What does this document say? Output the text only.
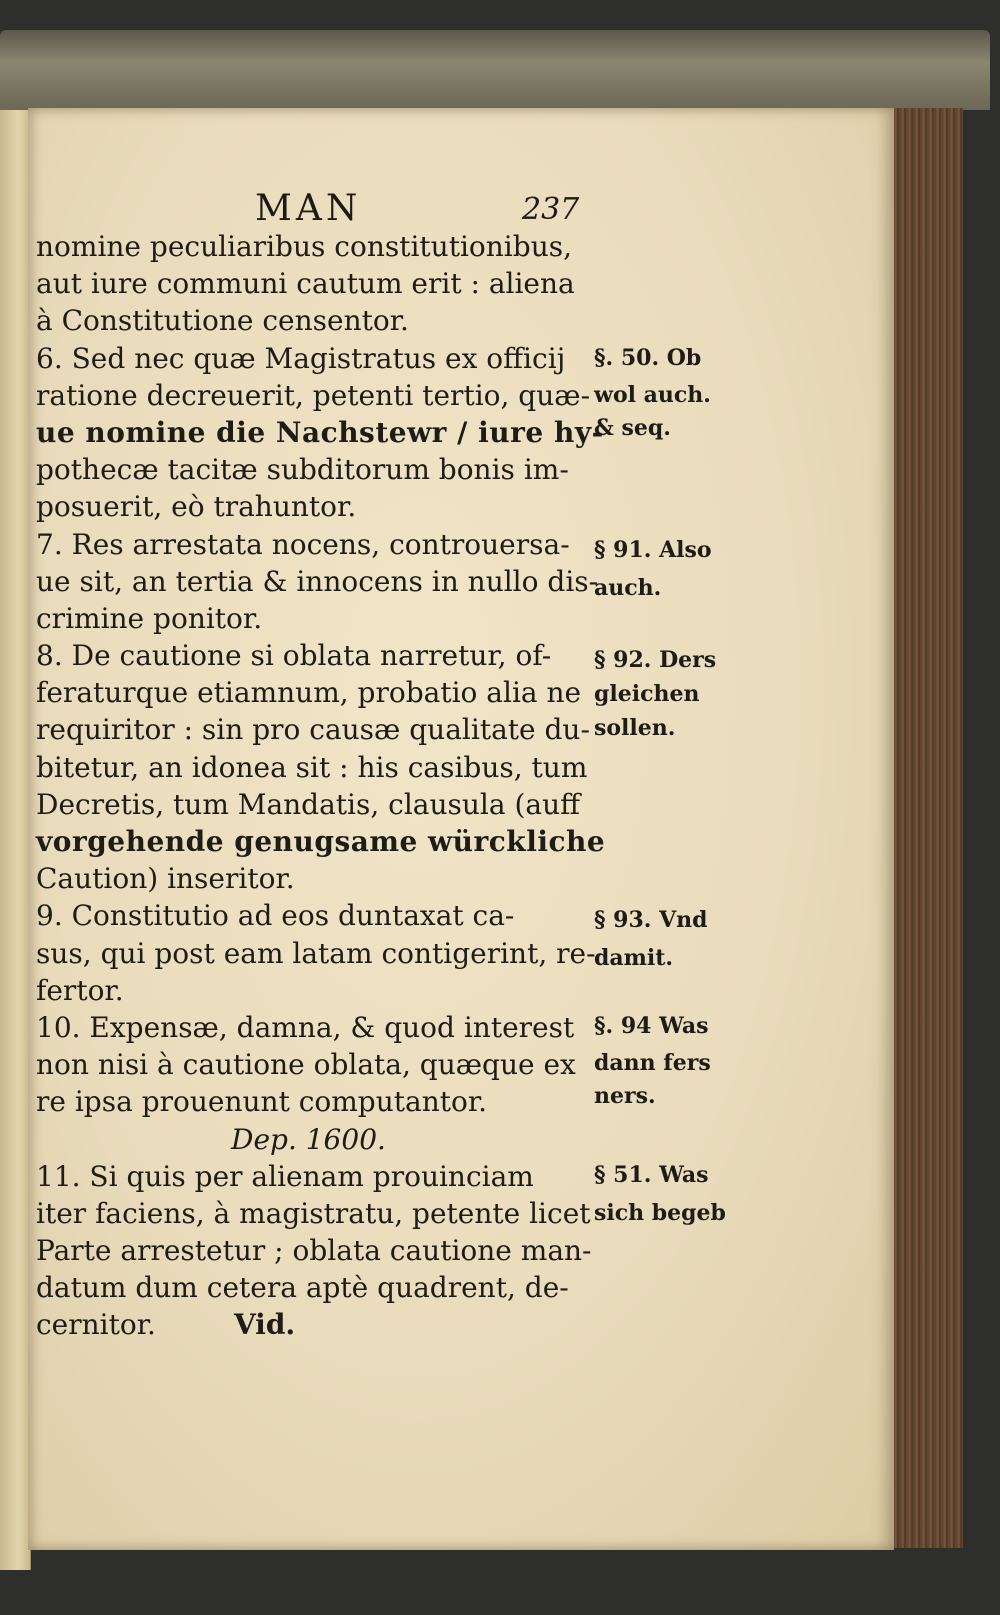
MAN	237
nomine peculiaribus constitutionibus,
aut iure communi cautum erit : aliena
à Constitutione censentor.
6. Sed nec quæ Magistratus ex officij
ratione decreuerit, petenti tertio, quæ-
ue nomine die Nachstewr / iure hy-
pothecæ tacitæ subditorum bonis im-
posuerit, eò trahuntor.
7. Res arrestata nocens, controuersa-
ue sit, an tertia & innocens in nullo dis-
crimine ponitor.
8. De cautione si oblata narretur, of-
feraturque etiamnum, probatio alia ne
requiritor : sin pro causæ qualitate du-
bitetur, an idonea sit : his casibus, tum
Decretis, tum Mandatis, clausula (auff
vorgehende genugsame würckliche
Caution) inseritor.
9. Constitutio ad eos duntaxat ca-
sus, qui post eam latam contigerint, re-
fertor.
10. Expensæ, damna, & quod interest
non nisi à cautione oblata, quæque ex
re ipsa prouenunt computantor.
Dep. 1600.
11. Si quis per alienam prouinciam
iter faciens, à magistratu, petente licet
Parte arrestetur ; oblata cautione man-
datum dum cetera aptè quadrent, de-
cernitor.	Vid.
§. 50. Ob
wol auch.
& seq.
§ 91. Also
auch.
§ 92. Ders
gleichen
sollen.
§ 93. Vnd
damit.
§. 94 Was
dann fers
ners.
§ 51. Was
sich begeb
